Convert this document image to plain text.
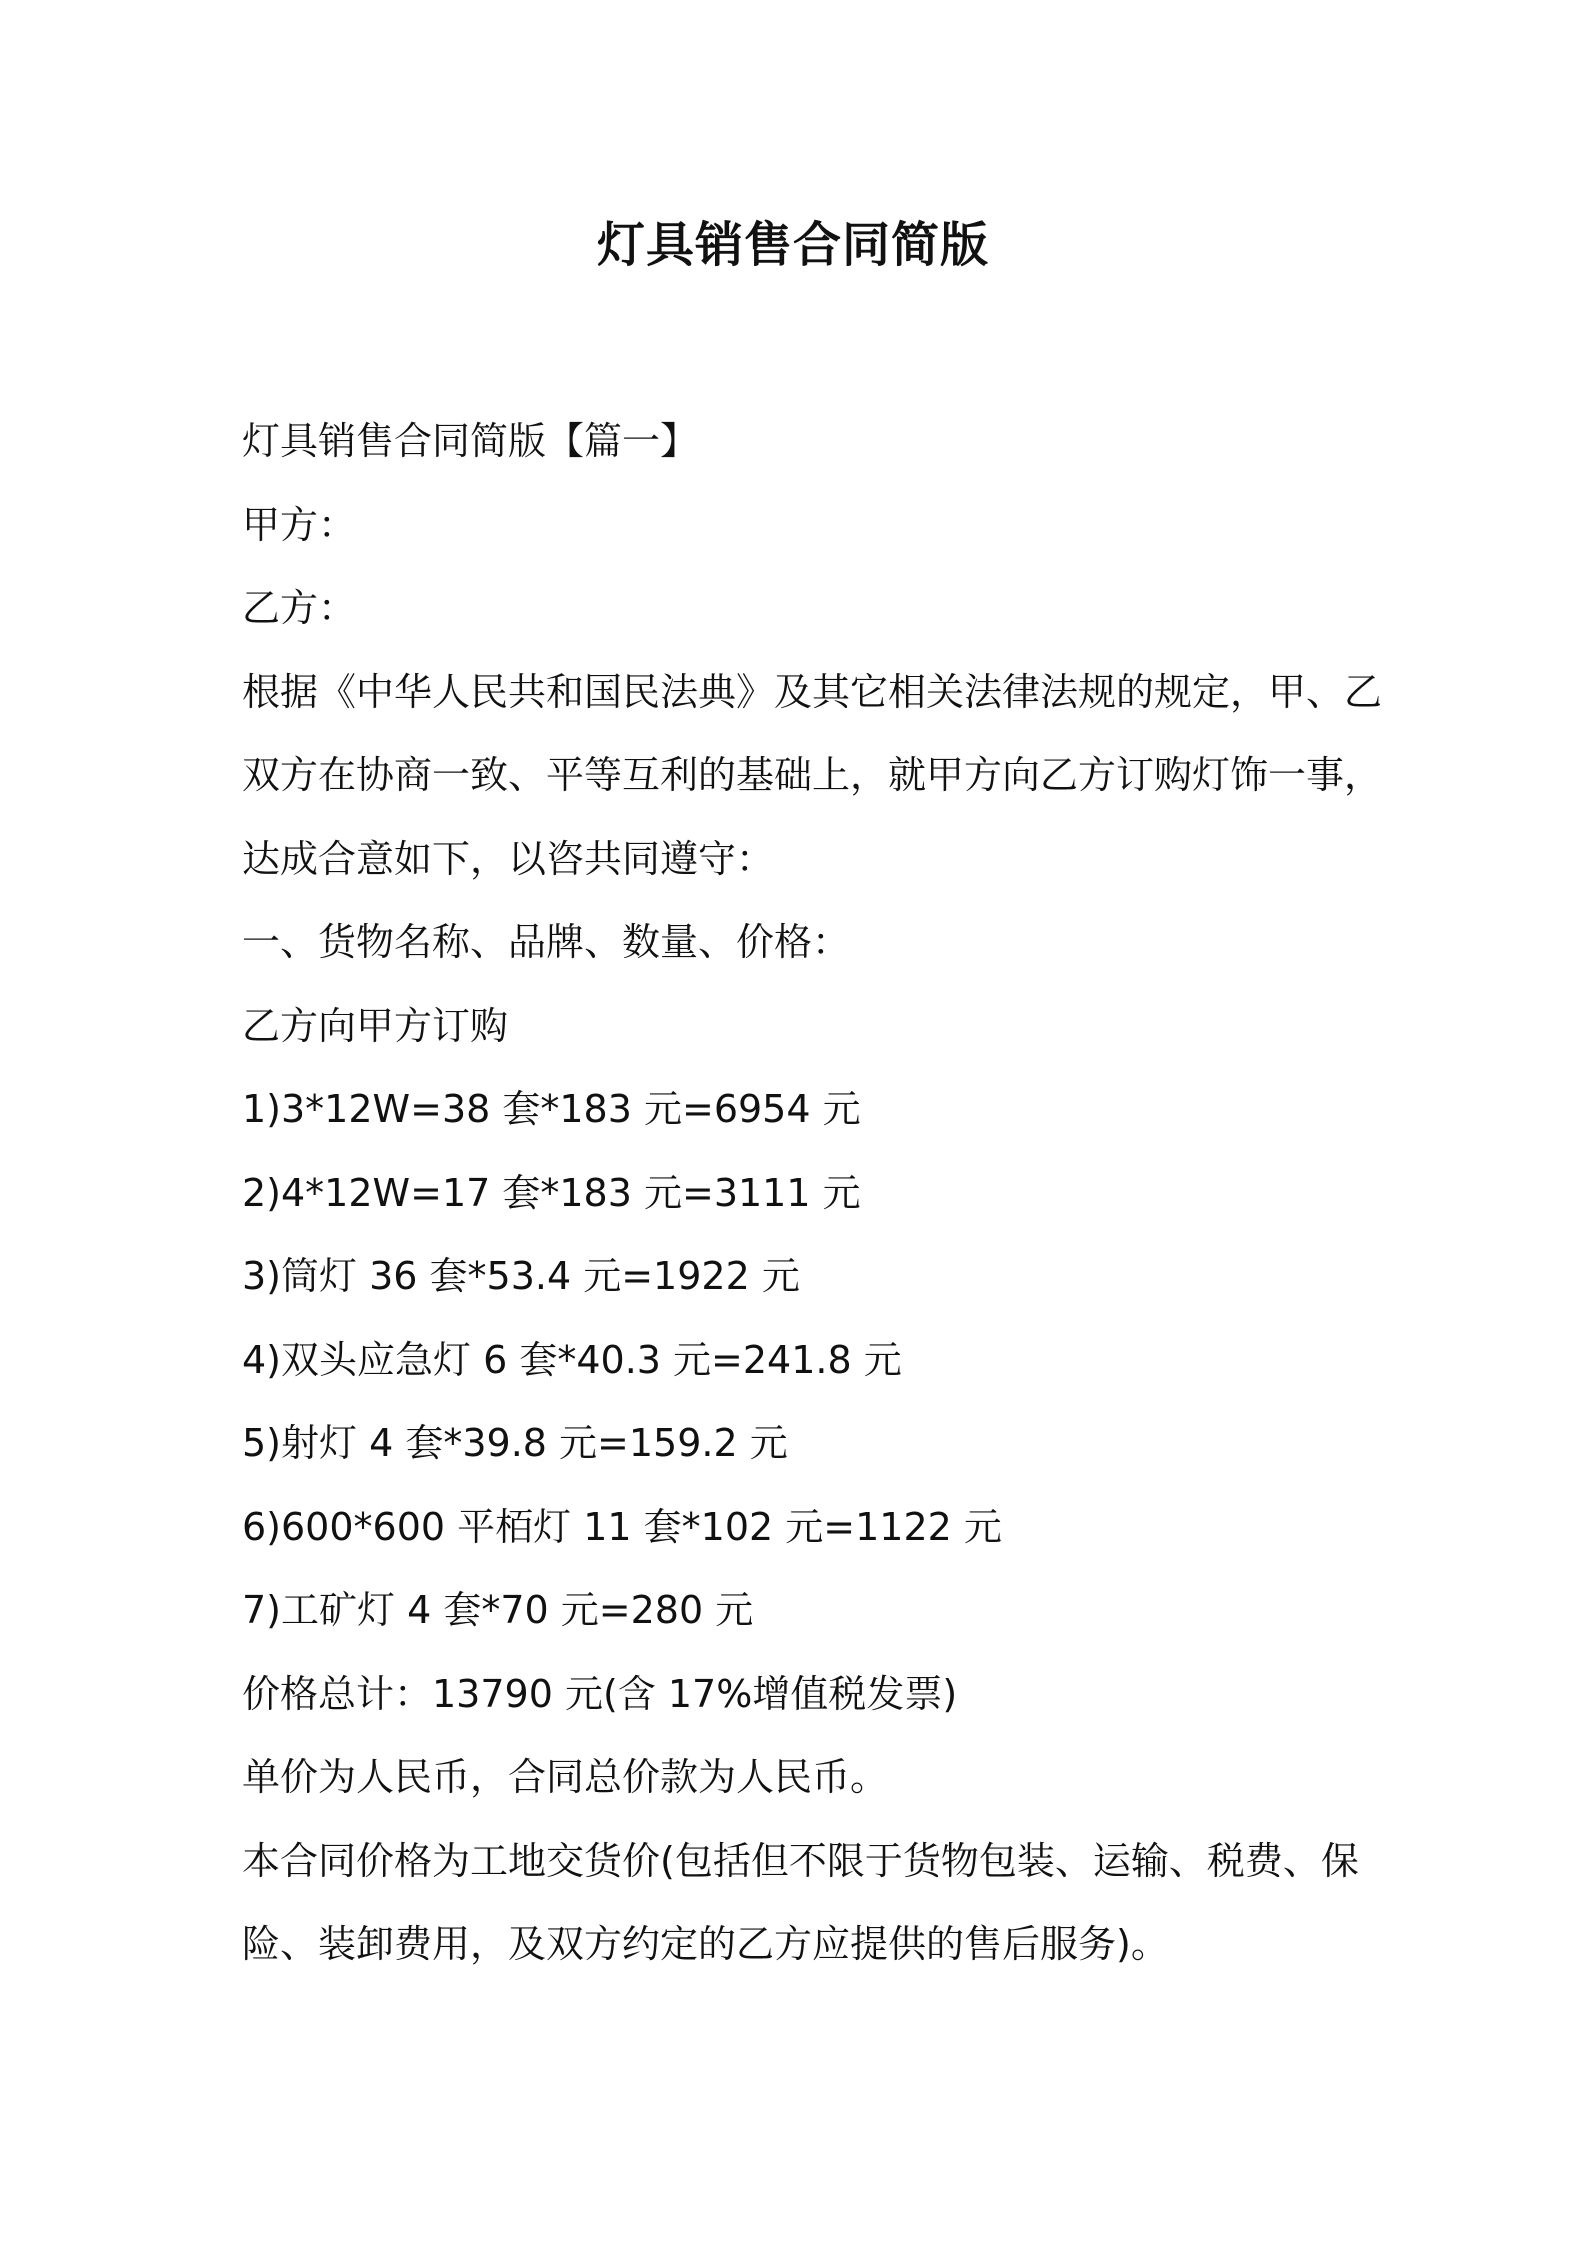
灯具销售合同简版

灯具销售合同简版【篇一】

甲方：

乙方：

根据《中华人民共和国民法典》及其它相关法律法规的规定，甲、乙

双方在协商一致、平等互利的基础上，就甲方向乙方订购灯饰一事，

达成合意如下，以咨共同遵守：

一、货物名称、品牌、数量、价格：

乙方向甲方订购

1)3*12W=38 套*183 元=6954 元

2)4*12W=17 套*183 元=3111 元

3)筒灯 36 套*53.4 元=1922 元

4)双头应急灯 6 套*40.3 元=241.8 元

5)射灯 4 套*39.8 元=159.2 元

6)600*600 平栢灯 11 套*102 元=1122 元

7)工矿灯 4 套*70 元=280 元

价格总计：13790 元(含 17%增值税发票)

单价为人民币，合同总价款为人民币。

本合同价格为工地交货价(包括但不限于货物包装、运输、税费、保

险、装卸费用，及双方约定的乙方应提供的售后服务)。
